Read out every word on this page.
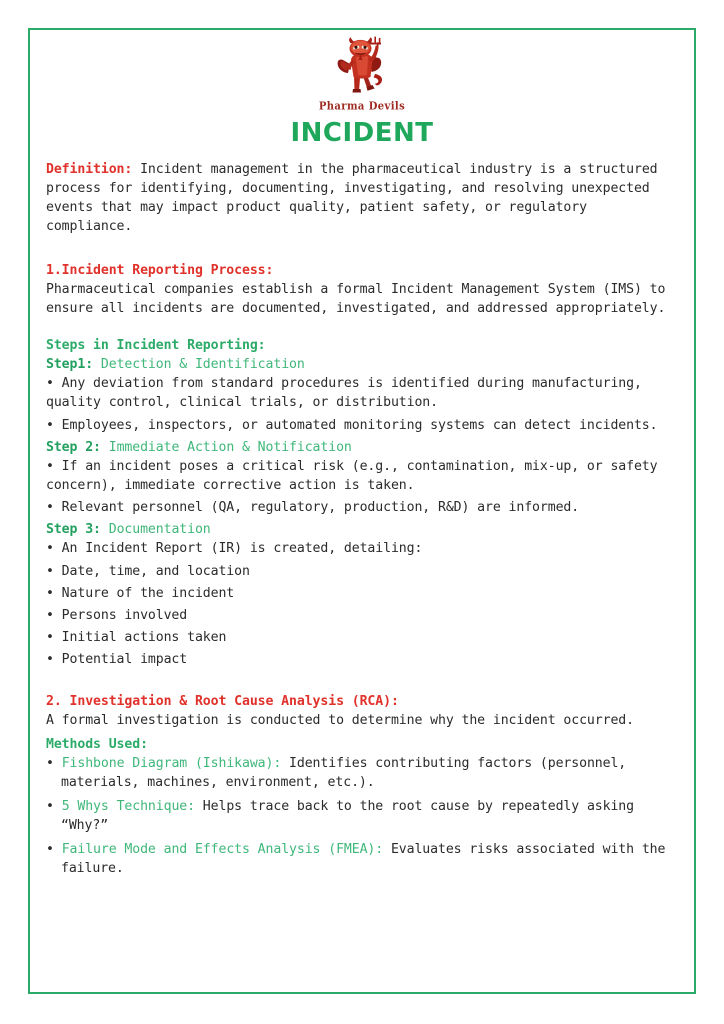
Pharma Devils
INCIDENT

Definition: Incident management in the pharmaceutical industry is a structured process for identifying, documenting, investigating, and resolving unexpected events that may impact product quality, patient safety, or regulatory compliance.

1.Incident Reporting Process:

Pharmaceutical companies establish a formal Incident Management System (IMS) to ensure all incidents are documented, investigated, and addressed appropriately.

Steps in Incident Reporting:

Step1: Detection & Identification

• Any deviation from standard procedures is identified during manufacturing, quality control, clinical trials, or distribution.

• Employees, inspectors, or automated monitoring systems can detect incidents.

Step 2: Immediate Action & Notification

• If an incident poses a critical risk (e.g., contamination, mix-up, or safety concern), immediate corrective action is taken.

• Relevant personnel (QA, regulatory, production, R&D) are informed.

Step 3: Documentation

• An Incident Report (IR) is created, detailing:

• Date, time, and location

• Nature of the incident

• Persons involved

• Initial actions taken

• Potential impact

2. Investigation & Root Cause Analysis (RCA):

A formal investigation is conducted to determine why the incident occurred.

Methods Used:

• Fishbone Diagram (Ishikawa): Identifies contributing factors (personnel, materials, machines, environment, etc.).

• 5 Whys Technique: Helps trace back to the root cause by repeatedly asking “Why?”

• Failure Mode and Effects Analysis (FMEA): Evaluates risks associated with the failure.
